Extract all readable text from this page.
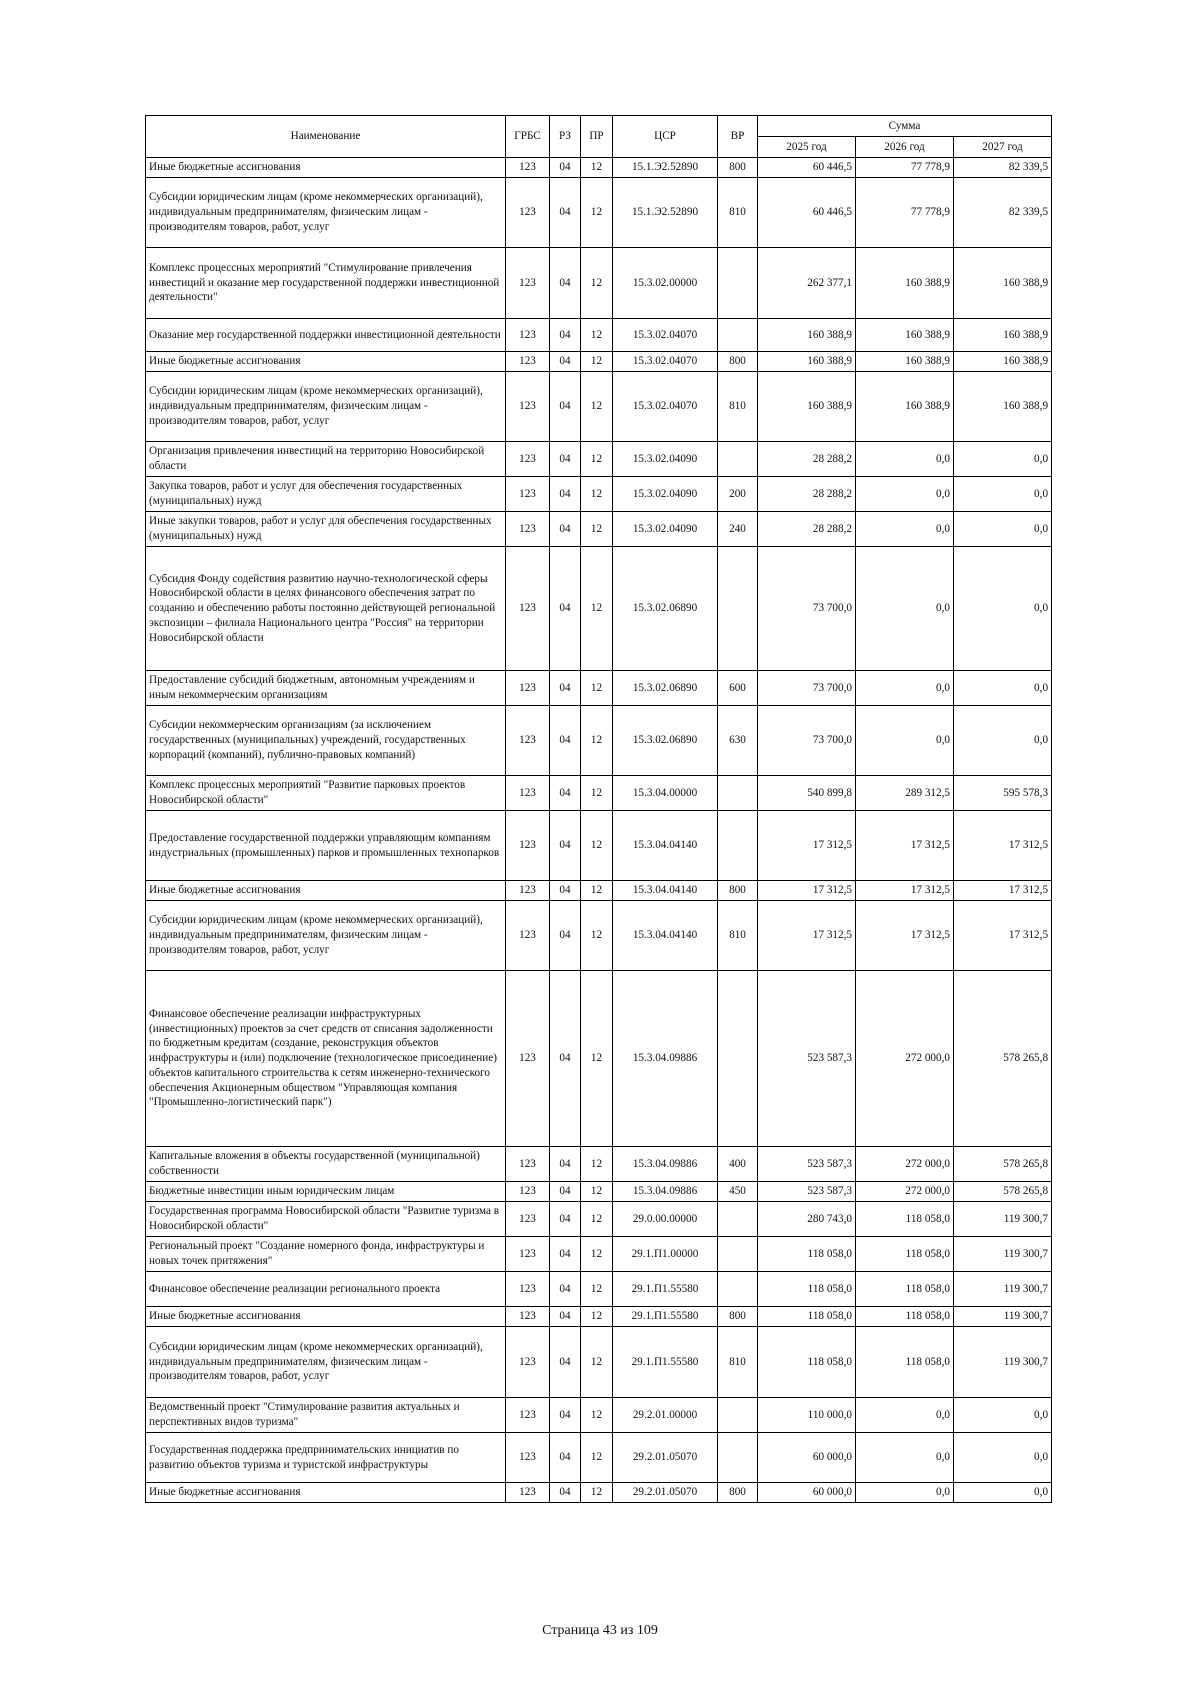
Наименование	ГРБС	РЗ	ПР	ЦСР	ВР	Сумма		
						2025 год	2026 год	2027 год
Иные бюджетные ассигнования	123	04	12	15.1.Э2.52890	800	60 446,5	77 778,9	82 339,5
Субсидии юридическим лицам (кроме некоммерческих организаций), индивидуальным предпринимателям, физическим лицам - производителям товаров, работ, услуг	123	04	12	15.1.Э2.52890	810	60 446,5	77 778,9	82 339,5
Комплекс процессных мероприятий "Стимулирование привлечения инвестиций и оказание мер государственной поддержки инвестиционной деятельности"	123	04	12	15.3.02.00000		262 377,1	160 388,9	160 388,9
Оказание мер государственной поддержки инвестиционной деятельности	123	04	12	15.3.02.04070		160 388,9	160 388,9	160 388,9
Иные бюджетные ассигнования	123	04	12	15.3.02.04070	800	160 388,9	160 388,9	160 388,9
Субсидии юридическим лицам (кроме некоммерческих организаций), индивидуальным предпринимателям, физическим лицам - производителям товаров, работ, услуг	123	04	12	15.3.02.04070	810	160 388,9	160 388,9	160 388,9
Организация привлечения инвестиций на территорию Новосибирской области	123	04	12	15.3.02.04090		28 288,2	0,0	0,0
Закупка товаров, работ и услуг для обеспечения государственных (муниципальных) нужд	123	04	12	15.3.02.04090	200	28 288,2	0,0	0,0
Иные закупки товаров, работ и услуг для обеспечения государственных (муниципальных) нужд	123	04	12	15.3.02.04090	240	28 288,2	0,0	0,0
Субсидия Фонду содействия развитию научно-технологической сферы Новосибирской области в целях финансового обеспечения затрат по созданию и обеспечению работы постоянно действующей региональной экспозиции – филиала Национального центра "Россия" на территории Новосибирской области	123	04	12	15.3.02.06890		73 700,0	0,0	0,0
Предоставление субсидий бюджетным, автономным учреждениям и иным некоммерческим организациям	123	04	12	15.3.02.06890	600	73 700,0	0,0	0,0
Субсидии некоммерческим организациям (за исключением государственных (муниципальных) учреждений, государственных корпораций (компаний), публично-правовых компаний)	123	04	12	15.3.02.06890	630	73 700,0	0,0	0,0
Комплекс процессных мероприятий "Развитие парковых проектов Новосибирской области"	123	04	12	15.3.04.00000		540 899,8	289 312,5	595 578,3
Предоставление государственной поддержки управляющим компаниям индустриальных (промышленных) парков и промышленных технопарков	123	04	12	15.3.04.04140		17 312,5	17 312,5	17 312,5
Иные бюджетные ассигнования	123	04	12	15.3.04.04140	800	17 312,5	17 312,5	17 312,5
Субсидии юридическим лицам (кроме некоммерческих организаций), индивидуальным предпринимателям, физическим лицам - производителям товаров, работ, услуг	123	04	12	15.3.04.04140	810	17 312,5	17 312,5	17 312,5
Финансовое обеспечение реализации инфраструктурных (инвестиционных) проектов за счет средств от списания задолженности по бюджетным кредитам (создание, реконструкция объектов инфраструктуры и (или) подключение (технологическое присоединение) объектов капитального строительства к сетям инженерно-технического обеспечения Акционерным обществом "Управляющая компания "Промышленно-логистический парк")	123	04	12	15.3.04.09886		523 587,3	272 000,0	578 265,8
Капитальные вложения в объекты государственной (муниципальной) собственности	123	04	12	15.3.04.09886	400	523 587,3	272 000,0	578 265,8
Бюджетные инвестиции иным юридическим лицам	123	04	12	15.3.04.09886	450	523 587,3	272 000,0	578 265,8
Государственная программа Новосибирской области "Развитие туризма в Новосибирской области"	123	04	12	29.0.00.00000		280 743,0	118 058,0	119 300,7
Региональный проект "Создание номерного фонда, инфраструктуры и новых точек притяжения"	123	04	12	29.1.П1.00000		118 058,0	118 058,0	119 300,7
Финансовое обеспечение реализации регионального проекта	123	04	12	29.1.П1.55580		118 058,0	118 058,0	119 300,7
Иные бюджетные ассигнования	123	04	12	29.1.П1.55580	800	118 058,0	118 058,0	119 300,7
Субсидии юридическим лицам (кроме некоммерческих организаций), индивидуальным предпринимателям, физическим лицам - производителям товаров, работ, услуг	123	04	12	29.1.П1.55580	810	118 058,0	118 058,0	119 300,7
Ведомственный проект "Стимулирование развития актуальных и перспективных видов туризма"	123	04	12	29.2.01.00000		110 000,0	0,0	0,0
Государственная поддержка предпринимательских инициатив по развитию объектов туризма и туристской инфраструктуры	123	04	12	29.2.01.05070		60 000,0	0,0	0,0
Иные бюджетные ассигнования	123	04	12	29.2.01.05070	800	60 000,0	0,0	0,0
Страница 43 из 109
